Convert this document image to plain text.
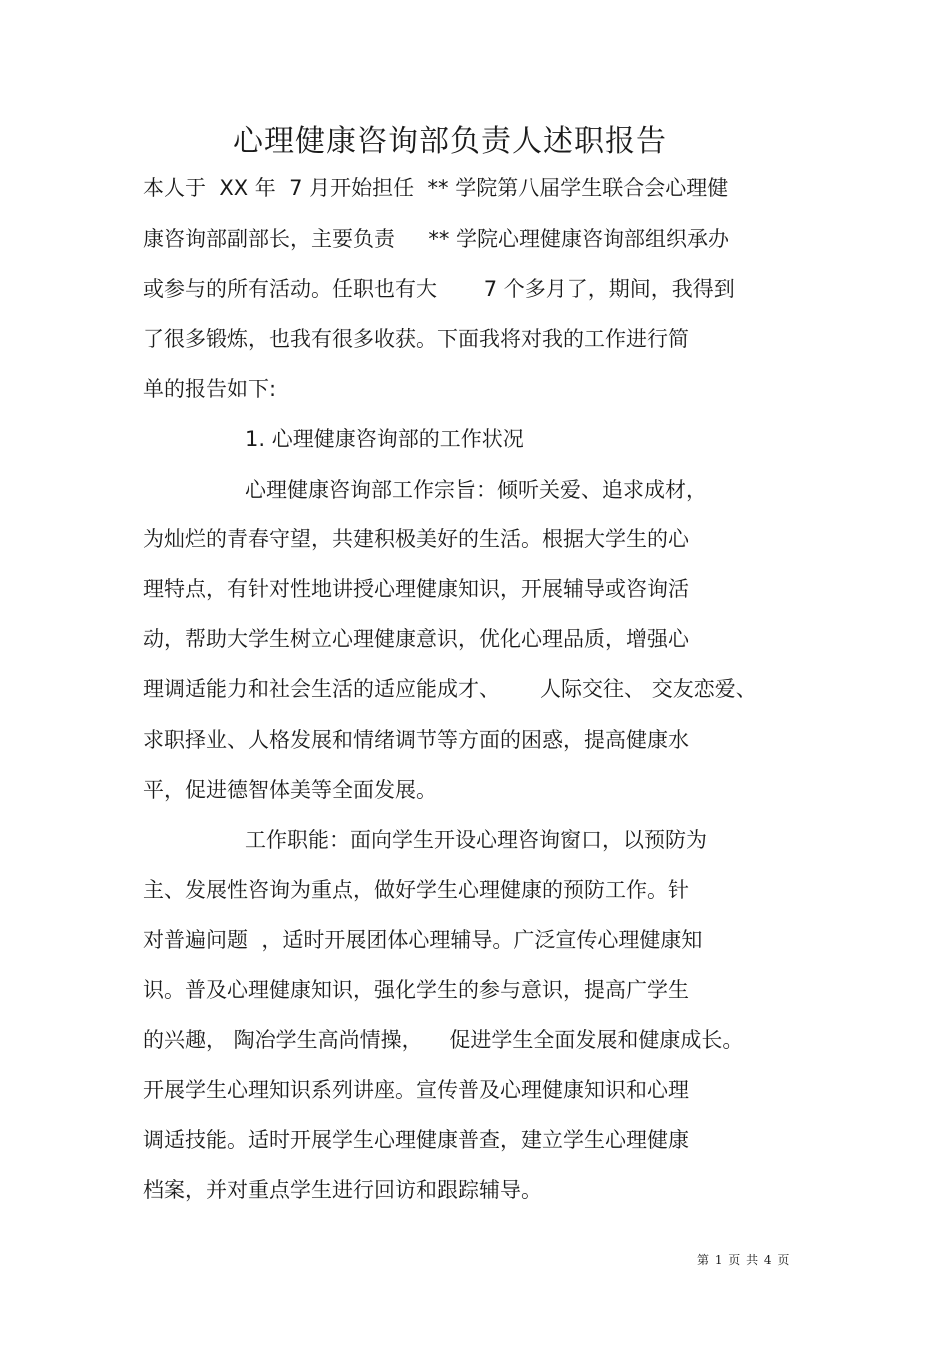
心理健康咨询部负责人述职报告
本人于  XX 年  7 月开始担任  ** 学院第八届学生联合会心理健
康咨询部副部长，主要负责     ** 学院心理健康咨询部组织承办
或参与的所有活动。任职也有大       7 个多月了，期间，我得到
了很多锻炼，也我有很多收获。下面我将对我的工作进行简
单的报告如下:
1. 心理健康咨询部的工作状况
心理健康咨询部工作宗旨：倾听关爱、追求成材，
为灿烂的青春守望，共建积极美好的生活。根据大学生的心
理特点，有针对性地讲授心理健康知识，开展辅导或咨询活
动，帮助大学生树立心理健康意识，优化心理品质，增强心
理调适能力和社会生活的适应能成才、      人际交往、 交友恋爱、
求职择业、人格发展和情绪调节等方面的困惑，提高健康水
平，促进德智体美等全面发展。
工作职能：面向学生开设心理咨询窗口，以预防为
主、发展性咨询为重点，做好学生心理健康的预防工作。针
对普遍问题  ，适时开展团体心理辅导。广泛宣传心理健康知
识。普及心理健康知识，强化学生的参与意识，提高广学生
的兴趣， 陶冶学生高尚情操，    促进学生全面发展和健康成长。
开展学生心理知识系列讲座。宣传普及心理健康知识和心理
调适技能。适时开展学生心理健康普查，建立学生心理健康
档案，并对重点学生进行回访和跟踪辅导。
第 1 页 共 4 页
